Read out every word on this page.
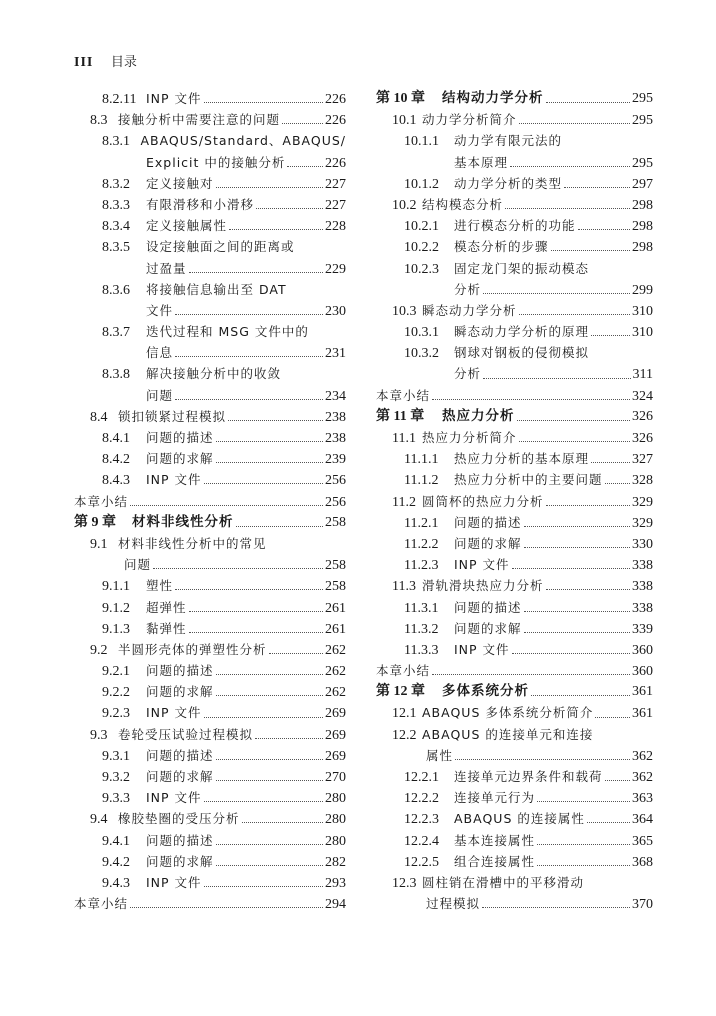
III 目录
8.2.11 INP 文件	226
8.3 接触分析中需要注意的问题	226
8.3.1 ABAQUS/Standard、ABAQUS/
Explicit 中的接触分析	226
8.3.2	定义接触对	227
8.3.3	有限滑移和小滑移	227
8.3.4	定义接触属性	228
8.3.5	设定接触面之间的距离或
过盈量	229
8.3.6	将接触信息输出至 DAT
文件	230
8.3.7	迭代过程和 MSG 文件中的
信息	231
8.3.8	解决接触分析中的收敛
问题	234
8.4 锁扣锁紧过程模拟	238
8.4.1	问题的描述	238
8.4.2	问题的求解	239
8.4.3	INP 文件	256
本章小结	256
第 9 章	材料非线性分析	258
9.1 材料非线性分析中的常见
问题	258
9.1.1	塑性	258
9.1.2	超弹性	261
9.1.3	黏弹性	261
9.2 半圆形壳体的弹塑性分析	262
9.2.1	问题的描述	262
9.2.2	问题的求解	262
9.2.3	INP 文件	269
9.3 卷轮受压试验过程模拟	269
9.3.1	问题的描述	269
9.3.2	问题的求解	270
9.3.3	INP 文件	280
9.4 橡胶垫圈的受压分析	280
9.4.1	问题的描述	280
9.4.2	问题的求解	282
9.4.3	INP 文件	293
本章小结	294
第 10 章	结构动力学分析	295
10.1 动力学分析简介	295
10.1.1	动力学有限元法的
基本原理	295
10.1.2	动力学分析的类型	297
10.2 结构模态分析	298
10.2.1	进行模态分析的功能	298
10.2.2	模态分析的步骤	298
10.2.3	固定龙门架的振动模态
分析	299
10.3 瞬态动力学分析	310
10.3.1	瞬态动力学分析的原理	310
10.3.2	钢球对钢板的侵彻模拟
分析	311
本章小结	324
第 11 章	热应力分析	326
11.1 热应力分析简介	326
11.1.1	热应力分析的基本原理	327
11.1.2	热应力分析中的主要问题 328
11.2 圆筒杯的热应力分析	329
11.2.1	问题的描述	329
11.2.2	问题的求解	330
11.2.3	INP 文件	338
11.3 滑轨滑块热应力分析	338
11.3.1	问题的描述	338
11.3.2	问题的求解	339
11.3.3	INP 文件	360
本章小结	360
第 12 章	多体系统分析	361
12.1 ABAQUS 多体系统分析简介	361
12.2 ABAQUS 的连接单元和连接
属性	362
12.2.1	连接单元边界条件和载荷 362
12.2.2	连接单元行为	363
12.2.3	ABAQUS 的连接属性	364
12.2.4	基本连接属性	365
12.2.5	组合连接属性	368
12.3 圆柱销在滑槽中的平移滑动
过程模拟	370
